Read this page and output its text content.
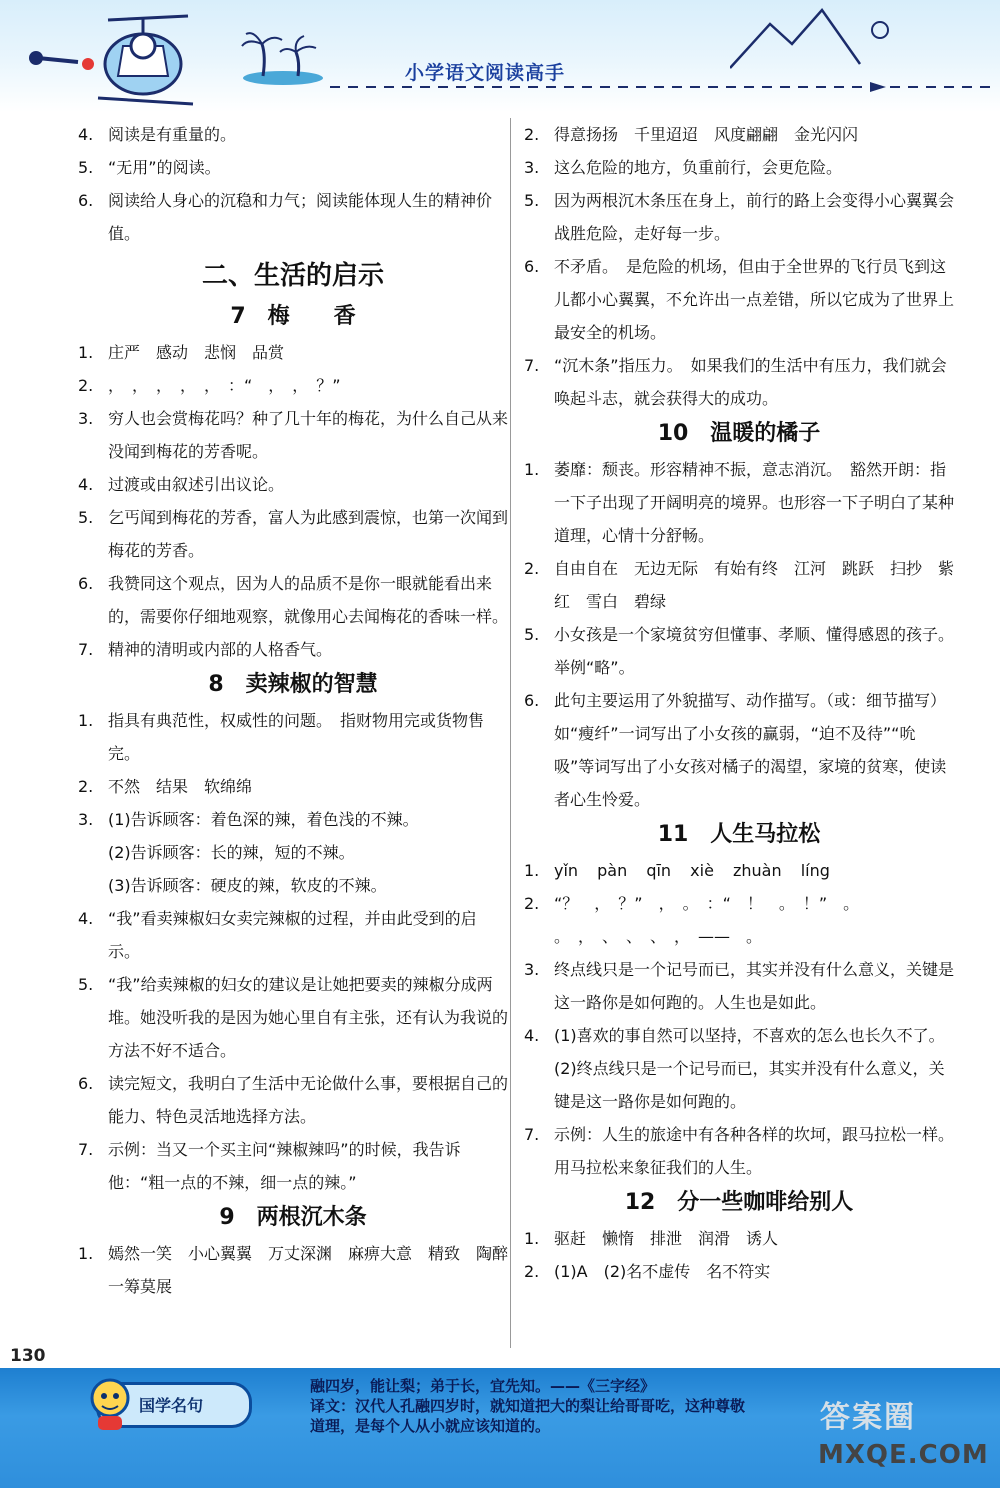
小学语文阅读高手
4. 阅读是有重量的。
5. “无用”的阅读。
6. 阅读给人身心的沉稳和力气；阅读能体现人生的精神价值。
二、生活的启示
7　梅　　香
1. 庄严　感动　悲悯　品赏
2. ，　，　，　，　，　：“　，　，　？”
3. 穷人也会赏梅花吗？种了几十年的梅花，为什么自己从来没闻到梅花的芳香呢。
4. 过渡或由叙述引出议论。
5. 乞丐闻到梅花的芳香，富人为此感到震惊，也第一次闻到梅花的芳香。
6. 我赞同这个观点，因为人的品质不是你一眼就能看出来的，需要你仔细地观察，就像用心去闻梅花的香味一样。
7. 精神的清明或内部的人格香气。
8　卖辣椒的智慧
1. 指具有典范性，权威性的问题。　指财物用完或货物售完。
2. 不然　结果　软绵绵
3. (1)告诉顾客：着色深的辣，着色浅的不辣。
(2)告诉顾客：长的辣，短的不辣。
(3)告诉顾客：硬皮的辣，软皮的不辣。
4. “我”看卖辣椒妇女卖完辣椒的过程，并由此受到的启示。
5. “我”给卖辣椒的妇女的建议是让她把要卖的辣椒分成两堆。她没听我的是因为她心里自有主张，还有认为我说的方法不好不适合。
6. 读完短文，我明白了生活中无论做什么事，要根据自己的能力、特色灵活地选择方法。
7. 示例：当又一个买主问“辣椒辣吗”的时候，我告诉他：“粗一点的不辣，细一点的辣。”
9　两根沉木条
1. 嫣然一笑　小心翼翼　万丈深渊　麻痹大意　精致　陶醉　一筹莫展
2. 得意扬扬　千里迢迢　风度翩翩　金光闪闪
3. 这么危险的地方，负重前行，会更危险。
5. 因为两根沉木条压在身上，前行的路上会变得小心翼翼会战胜危险，走好每一步。
6. 不矛盾。　是危险的机场，但由于全世界的飞行员飞到这儿都小心翼翼，不允许出一点差错，所以它成为了世界上最安全的机场。
7. “沉木条”指压力。　如果我们的生活中有压力，我们就会唤起斗志，就会获得大的成功。
10　温暖的橘子
1. 萎靡：颓丧。形容精神不振，意志消沉。　豁然开朗：指一下子出现了开阔明亮的境界。也形容一下子明白了某种道理，心情十分舒畅。
2. 自由自在　无边无际　有始有终　江河　跳跃　扫抄　紫红　雪白　碧绿
5. 小女孩是一个家境贫穷但懂事、孝顺、懂得感恩的孩子。举例“略”。
6. 此句主要运用了外貌描写、动作描写。（或：细节描写）如“瘦纤”一词写出了小女孩的赢弱，“迫不及待”“吮吸”等词写出了小女孩对橘子的渴望，家境的贫寒，使读者心生怜爱。
11　人生马拉松
1. yǐn pàn qīn xiè zhuàn líng
2. “？　，　？”　，　。　：“　！　。　！”　。
。　，　、　、　、　，　——　。
3. 终点线只是一个记号而已，其实并没有什么意义，关键是这一路你是如何跑的。人生也是如此。
4. (1)喜欢的事自然可以坚持，不喜欢的怎么也长久不了。
(2)终点线只是一个记号而已，其实并没有什么意义，关键是这一路你是如何跑的。
7. 示例：人生的旅途中有各种各样的坎坷，跟马拉松一样。用马拉松来象征我们的人生。
12　分一些咖啡给别人
1. 驱赶　懒惰　排泄　润滑　诱人
2. (1)A　(2)名不虚传　名不符实
130
国学名句
融四岁，能让梨；弟于长，宜先知。——《三字经》
译文：汉代人孔融四岁时，就知道把大的梨让给哥哥吃，这种尊敬
道理，是每个人从小就应该知道的。	答案圈
MXQE.COM
